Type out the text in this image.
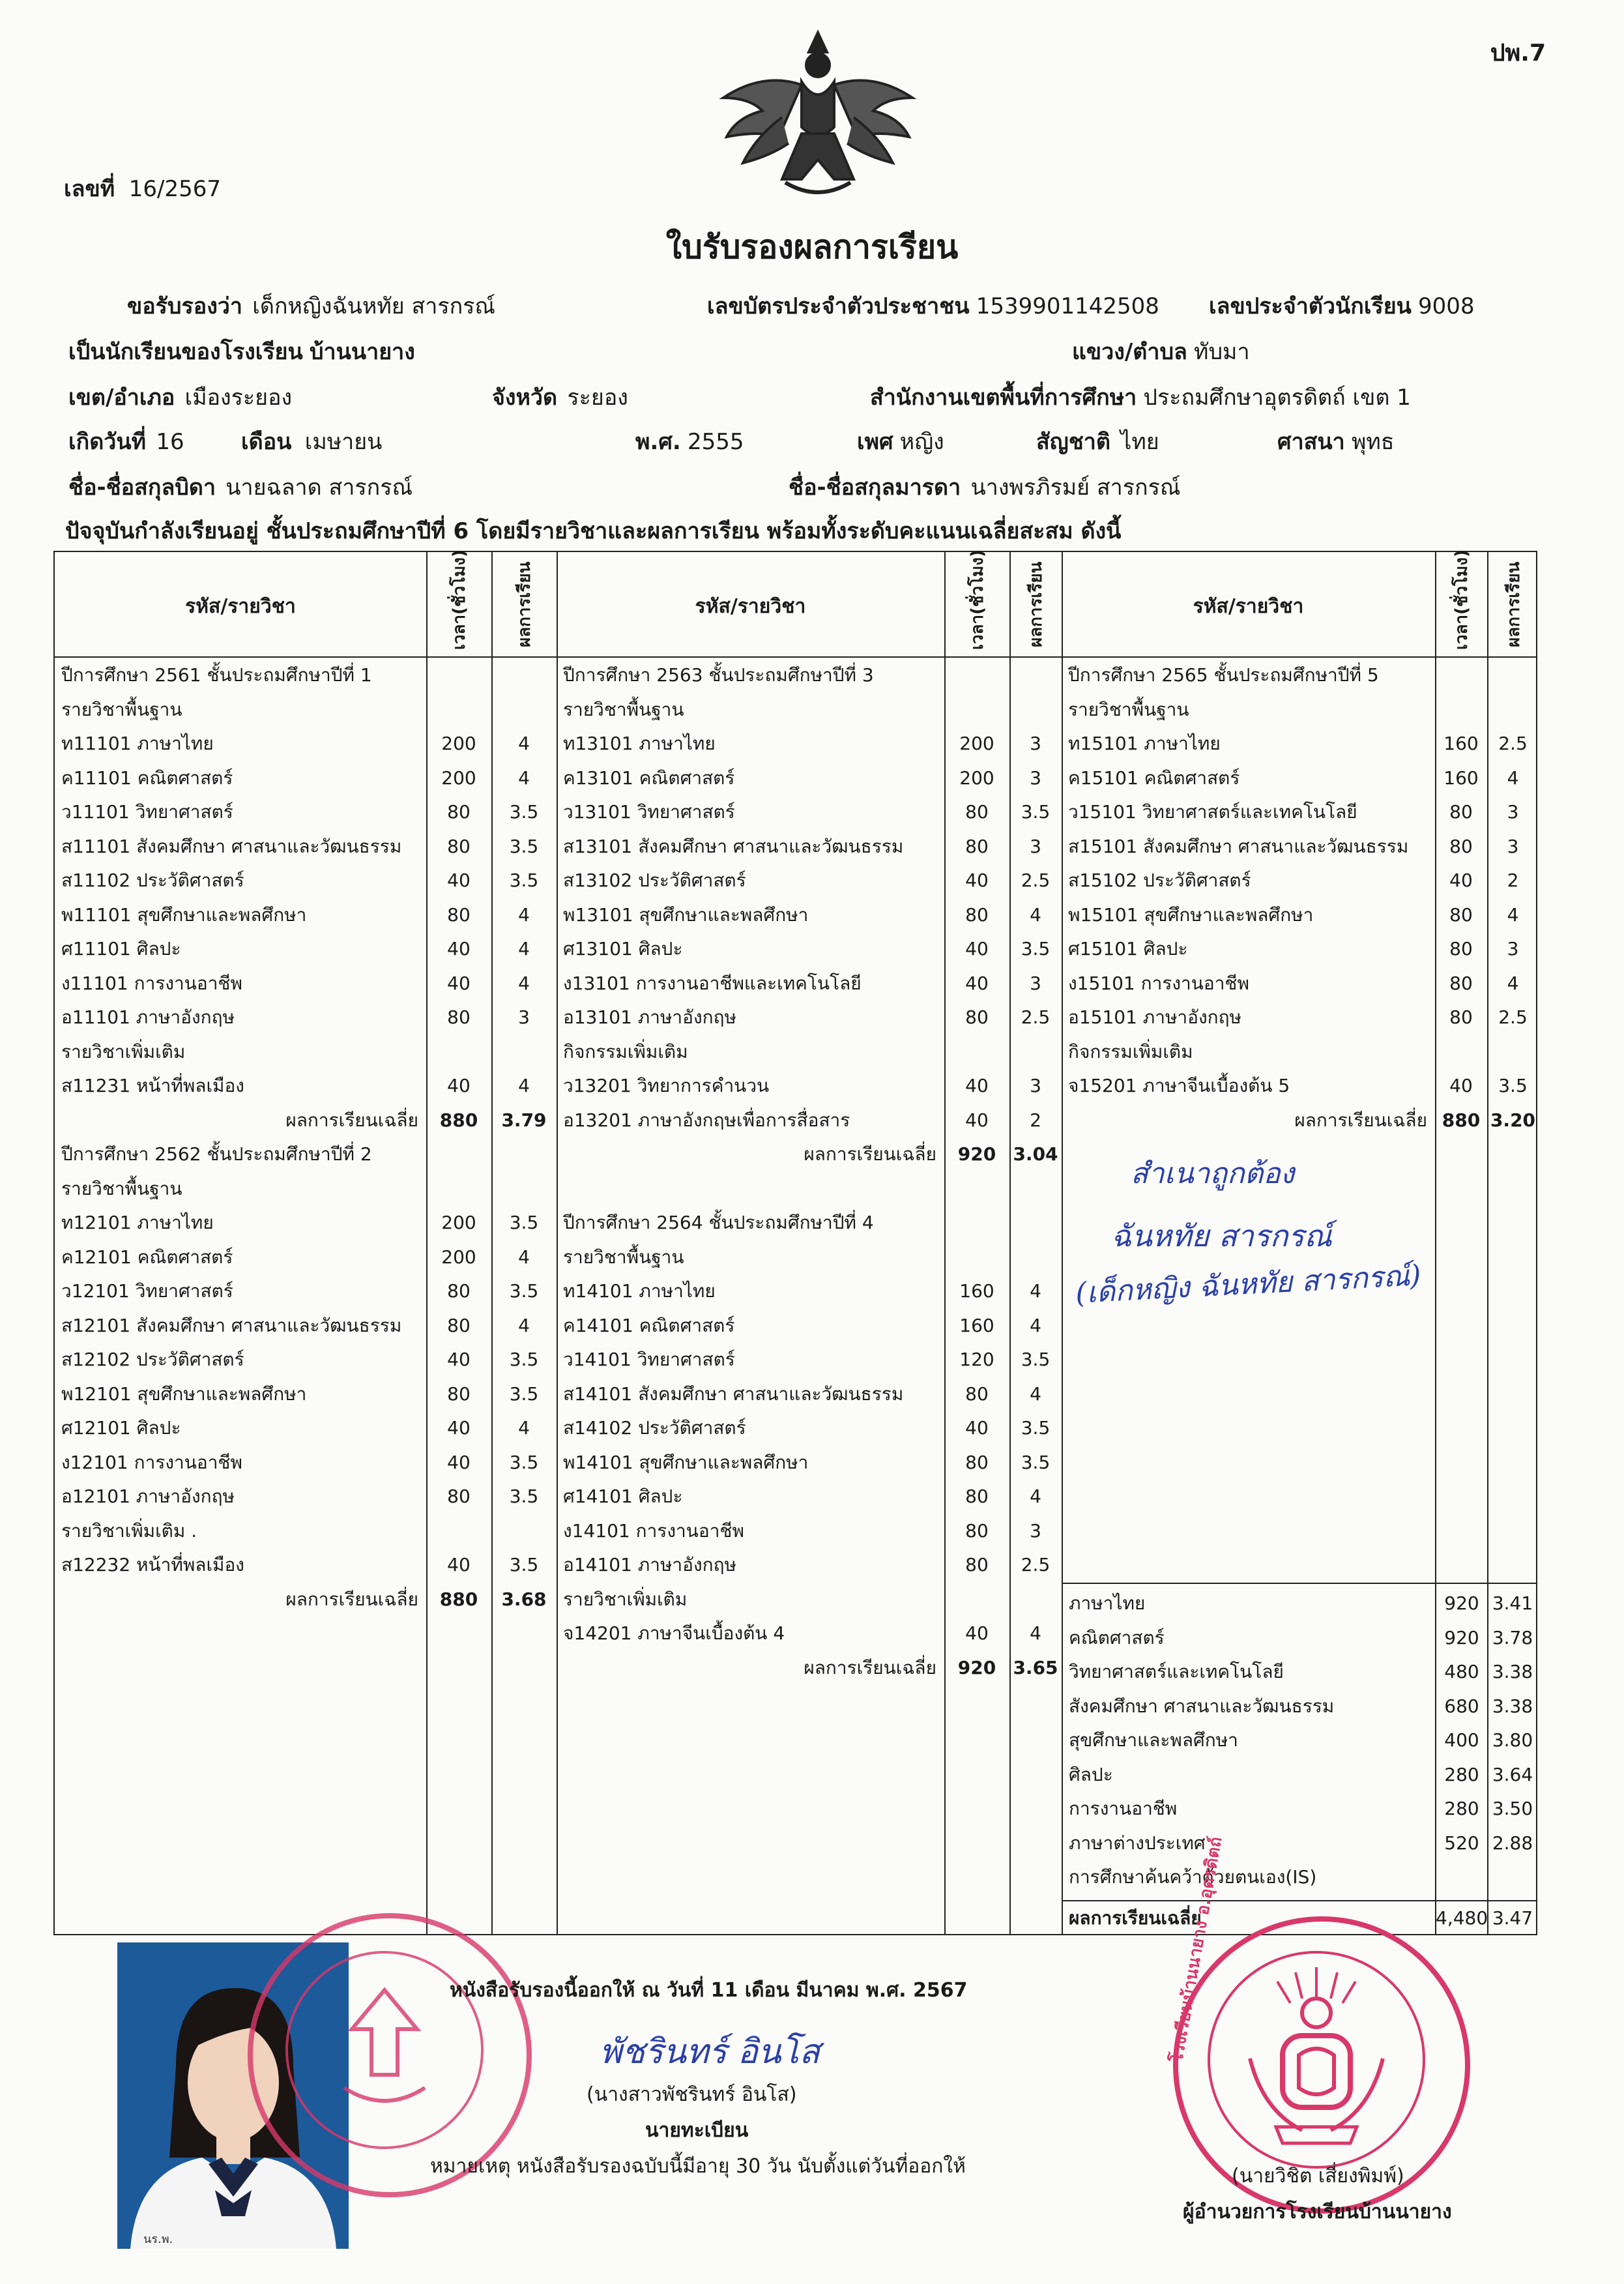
ปพ.7
เลขที่ 16/2567
ใบรับรองผลการเรียน
ขอรับรองว่า เด็กหญิงฉันหทัย สารกรณ์	เลขบัตรประจำตัวประชาชน 1539901142508 เลขประจำตัวนักเรียน 9008
เป็นนักเรียนของโรงเรียน บ้านนายาง	แขวง/ตำบล ทับมา
เขต/อำเภอ เมืองระยอง	จังหวัด ระยอง	สำนักงานเขตพื้นที่การศึกษา ประถมศึกษาอุตรดิตถ์ เขต 1
เกิดวันที่ 16	เดือน เมษายน	พ.ศ. 2555	เพศ หญิง	สัญชาติ ไทย	ศาสนา พุทธ
ชื่อ-ชื่อสกุลบิดา นายฉลาด สารกรณ์	ชื่อ-ชื่อสกุลมารดา นางพรภิรมย์ สารกรณ์
ปัจจุบันกำลังเรียนอยู่ ชั้นประถมศึกษาปีที่ 6 โดยมีรายวิชาและผลการเรียน พร้อมทั้งระดับคะแนนเฉลี่ยสะสม ดังนี้
รหัส/รายวิชา	เวลา(ชั่วโมง)	ผลการเรียน	รหัส/รายวิชา	เวลา(ชั่วโมง) ผลการเรียน	รหัส/รายวิชา	เวลา(ชั่วโมง) ผลการเรียน
ปีการศึกษา 2561 ชั้นประถมศึกษาปีที่ 1
รายวิชาพื้นฐาน
ท11101 ภาษาไทย	200	4
ค11101 คณิตศาสตร์	200	4
ว11101 วิทยาศาสตร์	80	3.5
ส11101 สังคมศึกษา ศาสนาและวัฒนธรรม	80	3.5
ส11102 ประวัติศาสตร์	40	3.5
พ11101 สุขศึกษาและพลศึกษา	80	4
ศ11101 ศิลปะ	40	4
ง11101 การงานอาชีพ	40	4
อ11101 ภาษาอังกฤษ	80	3
รายวิชาเพิ่มเติม
ส11231 หน้าที่พลเมือง	40	4
ผลการเรียนเฉลี่ย	880	3.79
ปีการศึกษา 2562 ชั้นประถมศึกษาปีที่ 2
รายวิชาพื้นฐาน
ท12101 ภาษาไทย	200	3.5
ค12101 คณิตศาสตร์	200	4
ว12101 วิทยาศาสตร์	80	3.5
ส12101 สังคมศึกษา ศาสนาและวัฒนธรรม	80	4
ส12102 ประวัติศาสตร์	40	3.5
พ12101 สุขศึกษาและพลศึกษา	80	3.5
ศ12101 ศิลปะ	40	4
ง12101 การงานอาชีพ	40	3.5
อ12101 ภาษาอังกฤษ	80	3.5
รายวิชาเพิ่มเติม .
ส12232 หน้าที่พลเมือง	40	3.5
ผลการเรียนเฉลี่ย	880	3.68
ปีการศึกษา 2563 ชั้นประถมศึกษาปีที่ 3
รายวิชาพื้นฐาน
ท13101 ภาษาไทย	200	3
ค13101 คณิตศาสตร์	200	3
ว13101 วิทยาศาสตร์	80	3.5
ส13101 สังคมศึกษา ศาสนาและวัฒนธรรม	80	3
ส13102 ประวัติศาสตร์	40	2.5
พ13101 สุขศึกษาและพลศึกษา	80	4
ศ13101 ศิลปะ	40	3.5
ง13101 การงานอาชีพและเทคโนโลยี	40	3
อ13101 ภาษาอังกฤษ	80	2.5
กิจกรรมเพิ่มเติม
ว13201 วิทยาการคำนวน	40	3
อ13201 ภาษาอังกฤษเพื่อการสื่อสาร	40	2
ผลการเรียนเฉลี่ย	920 3.04
ปีการศึกษา 2564 ชั้นประถมศึกษาปีที่ 4
รายวิชาพื้นฐาน
ท14101 ภาษาไทย	160	4
ค14101 คณิตศาสตร์	160	4
ว14101 วิทยาศาสตร์	120	3.5
ส14101 สังคมศึกษา ศาสนาและวัฒนธรรม	80	4
ส14102 ประวัติศาสตร์	40	3.5
พ14101 สุขศึกษาและพลศึกษา	80	3.5
ศ14101 ศิลปะ	80	4
ง14101 การงานอาชีพ	80	3
อ14101 ภาษาอังกฤษ	80	2.5
รายวิชาเพิ่มเติม
จ14201 ภาษาจีนเบื้องต้น 4	40	4
ผลการเรียนเฉลี่ย	920 3.65
ปีการศึกษา 2565 ชั้นประถมศึกษาปีที่ 5
รายวิชาพื้นฐาน
ท15101 ภาษาไทย	160	2.5
ค15101 คณิตศาสตร์	160	4
ว15101 วิทยาศาสตร์และเทคโนโลยี	80	3
ส15101 สังคมศึกษา ศาสนาและวัฒนธรรม	80	3
ส15102 ประวัติศาสตร์	40	2
พ15101 สุขศึกษาและพลศึกษา	80	4
ศ15101 ศิลปะ	80	3
ง15101 การงานอาชีพ	80	4
อ15101 ภาษาอังกฤษ	80	2.5
กิจกรรมเพิ่มเติม
จ15201 ภาษาจีนเบื้องต้น 5	40	3.5
ผลการเรียนเฉลี่ย 880 3.20
ภาษาไทย	920 3.41
คณิตศาสตร์	920 3.78
วิทยาศาสตร์และเทคโนโลยี	480 3.38
สังคมศึกษา ศาสนาและวัฒนธรรม	680 3.38
สุขศึกษาและพลศึกษา	400 3.80
ศิลปะ	280 3.64
การงานอาชีพ	280 3.50
ภาษาต่างประเทศ	520 2.88
การศึกษาค้นคว้าด้วยตนเอง(IS)
ผลการเรียนเฉลี่ย	4,480 3.47
สำเนาถูกต้อง
ฉันหทัย สารกรณ์
(เด็กหญิง ฉันหทัย สารกรณ์)
นร.พ.
หนังสือรับรองนี้ออกให้ ณ วันที่ 11 เดือน มีนาคม พ.ศ. 2567
พัชรินทร์ อินโส
(นางสาวพัชรินทร์ อินโส)
นายทะเบียน
หมายเหตุ หนังสือรับรองฉบับนี้มีอายุ 30 วัน นับตั้งแต่วันที่ออกให้
โรงเรียนบ้านนายาง อ.อุตรดิตถ์
(นายวิชิต เสี่ยงพิมพ์)
ผู้อำนวยการโรงเรียนบ้านนายาง
